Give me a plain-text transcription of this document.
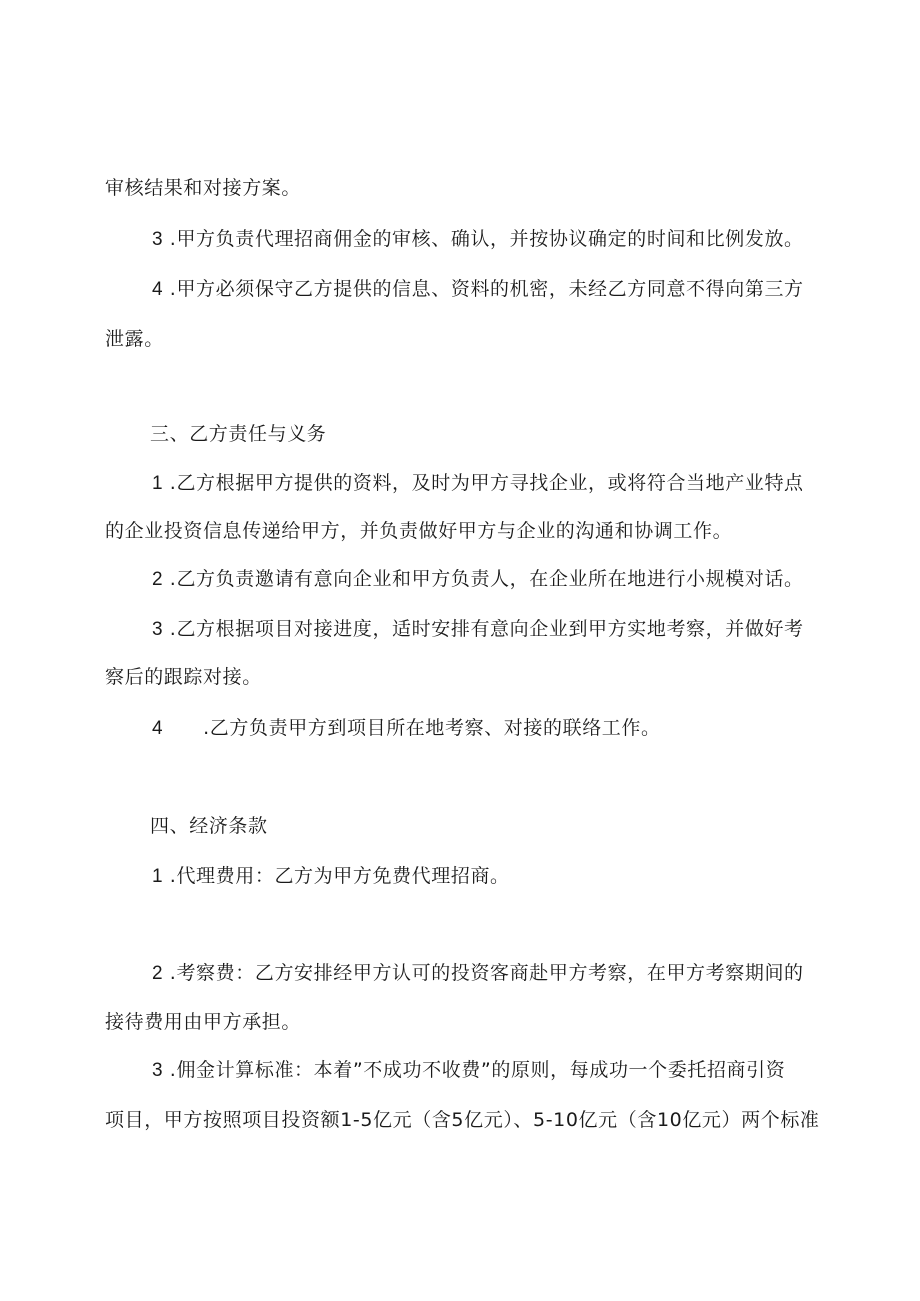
审核结果和对接方案。
3 .甲方负责代理招商佣金的审核、确认，并按协议确定的时间和比例发放。
4 .甲方必须保守乙方提供的信息、资料的机密，未经乙方同意不得向第三方
泄露。
三、乙方责任与义务
1 .乙方根据甲方提供的资料，及时为甲方寻找企业，或将符合当地产业特点
的企业投资信息传递给甲方，并负责做好甲方与企业的沟通和协调工作。
2 .乙方负责邀请有意向企业和甲方负责人，在企业所在地进行小规模对话。
3 .乙方根据项目对接进度，适时安排有意向企业到甲方实地考察，并做好考
察后的跟踪对接。
4 .乙方负责甲方到项目所在地考察、对接的联络工作。
四、经济条款
1 .代理费用：乙方为甲方免费代理招商。
2 .考察费：乙方安排经甲方认可的投资客商赴甲方考察，在甲方考察期间的
接待费用由甲方承担。
3 .佣金计算标准：本着”不成功不收费”的原则，每成功一个委托招商引资
项目，甲方按照项目投资额1-5亿元（含5亿元）、5-10亿元（含10亿元）两个标准
